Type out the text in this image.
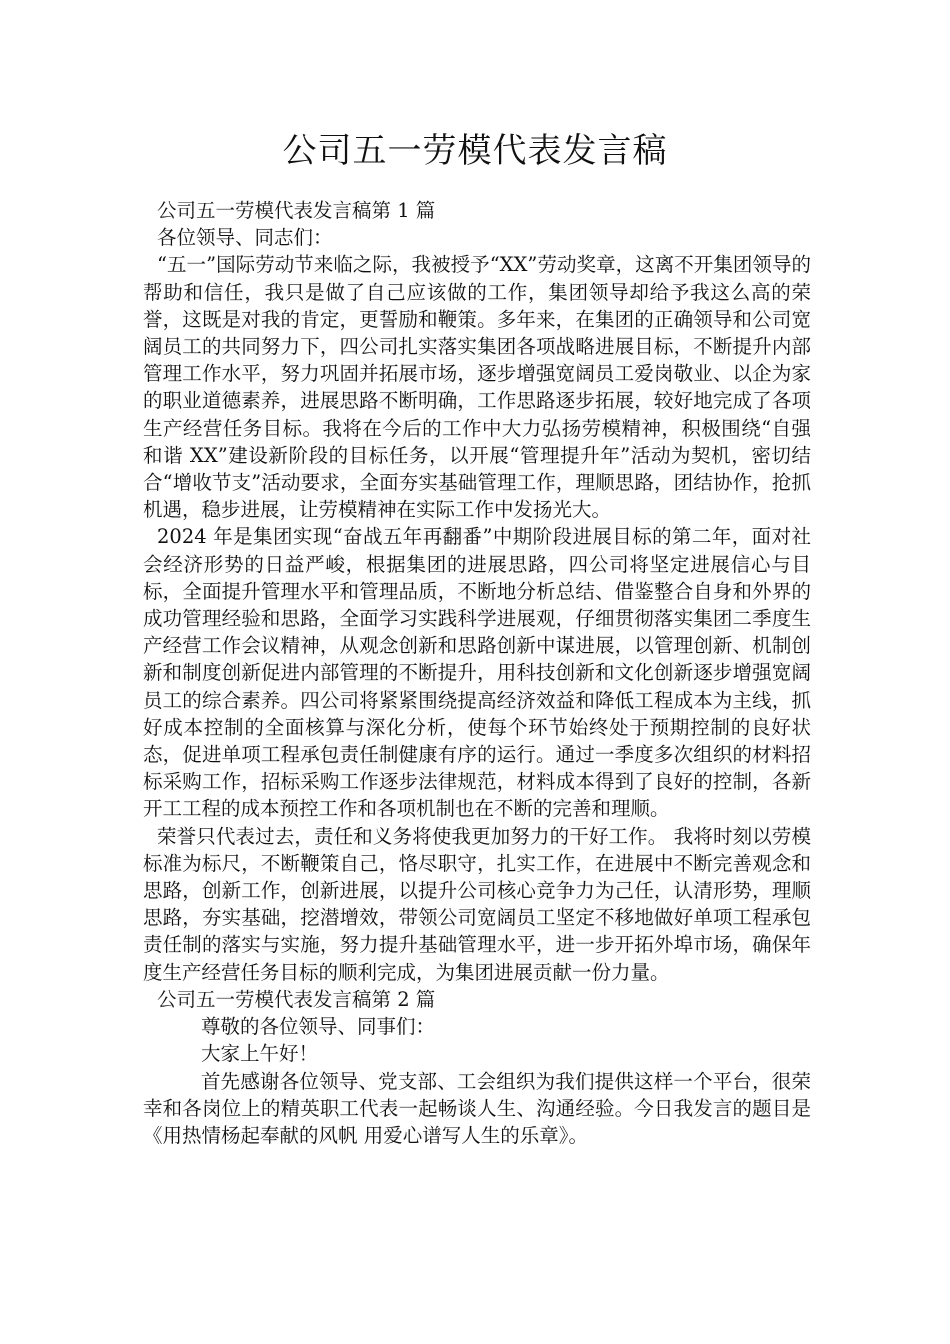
公司五一劳模代表发言稿

公司五一劳模代表发言稿第 1 篇

各位领导、同志们：

“五一”国际劳动节来临之际，我被授予“XX”劳动奖章，这离不开集团领导的帮助和信任，我只是做了自己应该做的工作，集团领导却给予我这么高的荣誉，这既是对我的肯定，更誓励和鞭策。多年来，在集团的正确领导和公司宽阔员工的共同努力下，四公司扎实落实集团各项战略进展目标，不断提升内部管理工作水平，努力巩固并拓展市场，逐步增强宽阔员工爱岗敬业、以企为家的职业道德素养，进展思路不断明确，工作思路逐步拓展，较好地完成了各项生产经营任务目标。我将在今后的工作中大力弘扬劳模精神，积极围绕“自强和谐 XX”建设新阶段的目标任务，以开展“管理提升年”活动为契机，密切结合“增收节支”活动要求，全面夯实基础管理工作，理顺思路，团结协作，抢抓机遇，稳步进展，让劳模精神在实际工作中发扬光大。

2024 年是集团实现“奋战五年再翻番”中期阶段进展目标的第二年，面对社会经济形势的日益严峻，根据集团的进展思路，四公司将坚定进展信心与目标，全面提升管理水平和管理品质，不断地分析总结、借鉴整合自身和外界的成功管理经验和思路，全面学习实践科学进展观，仔细贯彻落实集团二季度生产经营工作会议精神，从观念创新和思路创新中谋进展，以管理创新、机制创新和制度创新促进内部管理的不断提升，用科技创新和文化创新逐步增强宽阔员工的综合素养。四公司将紧紧围绕提高经济效益和降低工程成本为主线，抓好成本控制的全面核算与深化分析，使每个环节始终处于预期控制的良好状态，促进单项工程承包责任制健康有序的运行。通过一季度多次组织的材料招标采购工作，招标采购工作逐步法律规范，材料成本得到了良好的控制，各新开工工程的成本预控工作和各项机制也在不断的完善和理顺。

荣誉只代表过去，责任和义务将使我更加努力的干好工作。 我将时刻以劳模标准为标尺，不断鞭策自己，恪尽职守，扎实工作，在进展中不断完善观念和思路，创新工作，创新进展，以提升公司核心竞争力为己任，认清形势，理顺思路，夯实基础，挖潜增效，带领公司宽阔员工坚定不移地做好单项工程承包责任制的落实与实施，努力提升基础管理水平，进一步开拓外埠市场，确保年度生产经营任务目标的顺利完成，为集团进展贡献一份力量。

公司五一劳模代表发言稿第 2 篇

尊敬的各位领导、同事们：

大家上午好！

首先感谢各位领导、党支部、工会组织为我们提供这样一个平台，很荣幸和各岗位上的精英职工代表一起畅谈人生、沟通经验。今日我发言的题目是《用热情杨起奉献的风帆 用爱心谱写人生的乐章》。
